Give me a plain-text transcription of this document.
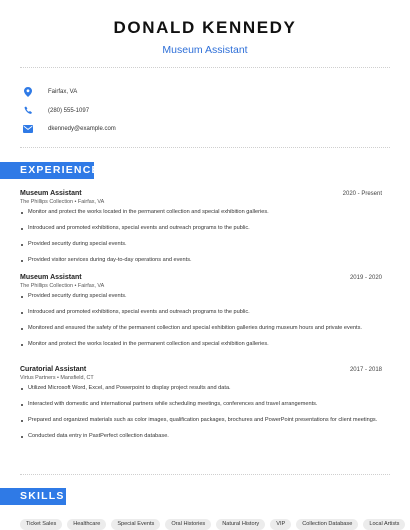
DONALD KENNEDY
Museum Assistant
Fairfax, VA
(280) 555-1097
dkennedy@example.com
EXPERIENCE
Museum Assistant	2020 - Present
The Phillips Collection • Fairfax, VA
Monitor and protect the works located in the permanent collection and special exhibition galleries.
Introduced and promoted exhibitions, special events and outreach programs to the public.
Provided security during special events.
Provided visitor services during day-to-day operations and events.
Museum Assistant	2019 - 2020
The Phillips Collection • Fairfax, VA
Provided security during special events.
Introduced and promoted exhibitions, special events and outreach programs to the public.
Monitored and ensured the safety of the permanent collection and special exhibition galleries during museum hours and private events.
Monitor and protect the works located in the permanent collection and special exhibition galleries.
Curatorial Assistant	2017 - 2018
Virtus Partners • Mansfield, CT
Utilized Microsoft Word, Excel, and Powerpoint to display project results and data.
Interacted with domestic and international partners while scheduling meetings, conferences and travel arrangements.
Prepared and organized materials such as color images, qualification packages, brochures and PowerPoint presentations for client meetings.
Conducted data entry in PastPerfect collection database.
SKILLS
Ticket Sales	Healthcare	Special Events	Oral Histories	Natural History	VIP	Collection Database	Local Artists
